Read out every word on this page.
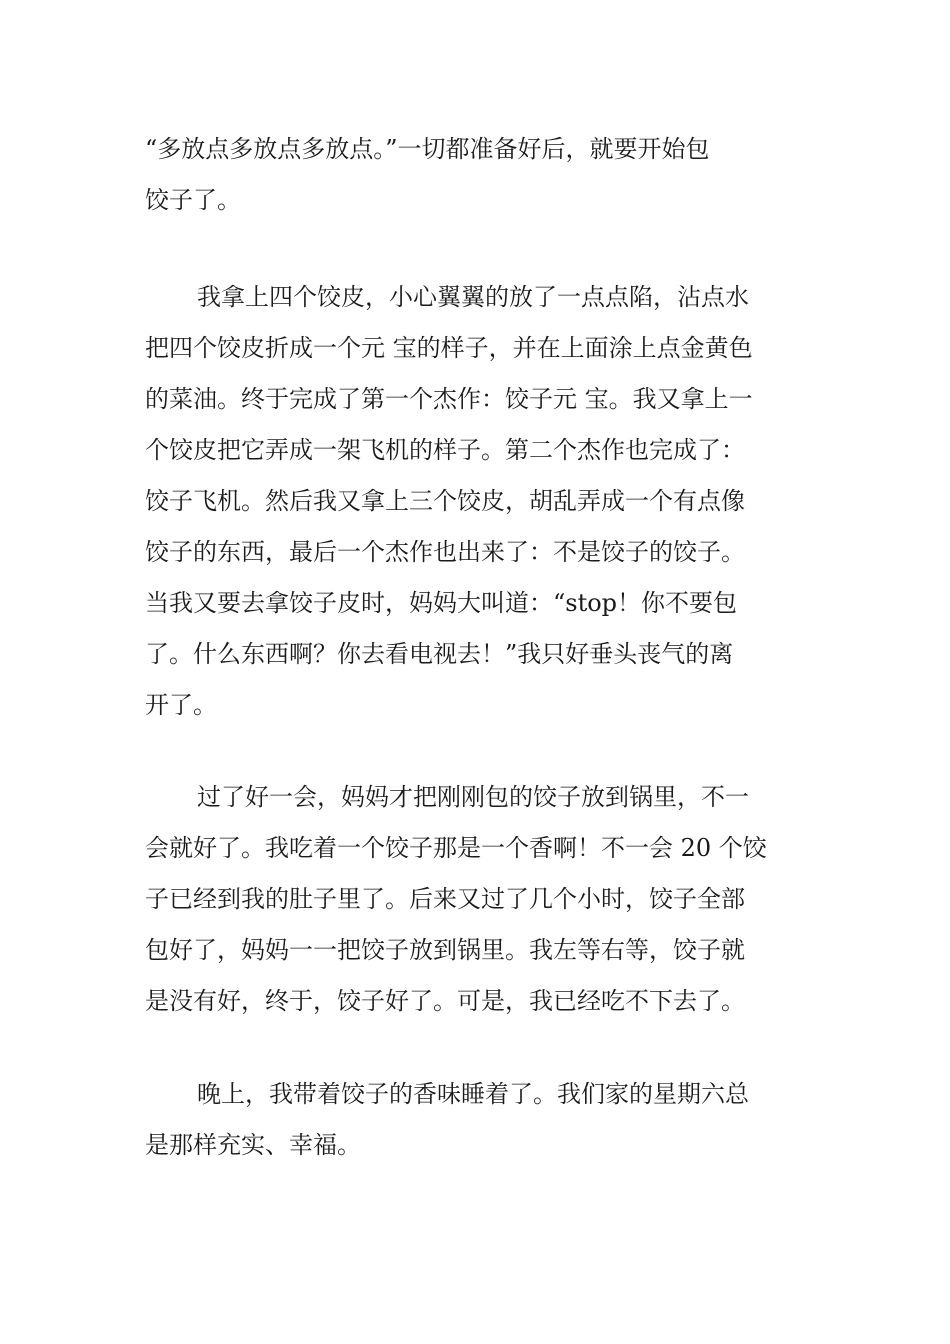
“多放点多放点多放点。”一切都准备好后，就要开始包
饺子了。
我拿上四个饺皮，小心翼翼的放了一点点陷，沾点水
把四个饺皮折成一个元 宝的样子，并在上面涂上点金黄色
的菜油。终于完成了第一个杰作：饺子元 宝。我又拿上一
个饺皮把它弄成一架飞机的样子。第二个杰作也完成了：
饺子飞机。然后我又拿上三个饺皮，胡乱弄成一个有点像
饺子的东西，最后一个杰作也出来了：不是饺子的饺子。
当我又要去拿饺子皮时，妈妈大叫道：“stop！你不要包
了。什么东西啊？你去看电视去！”我只好垂头丧气的离
开了。
过了好一会，妈妈才把刚刚包的饺子放到锅里，不一
会就好了。我吃着一个饺子那是一个香啊！不一会 20 个饺
子已经到我的肚子里了。后来又过了几个小时，饺子全部
包好了，妈妈一一把饺子放到锅里。我左等右等，饺子就
是没有好，终于，饺子好了。可是，我已经吃不下去了。
晚上，我带着饺子的香味睡着了。我们家的星期六总
是那样充实、幸福。
